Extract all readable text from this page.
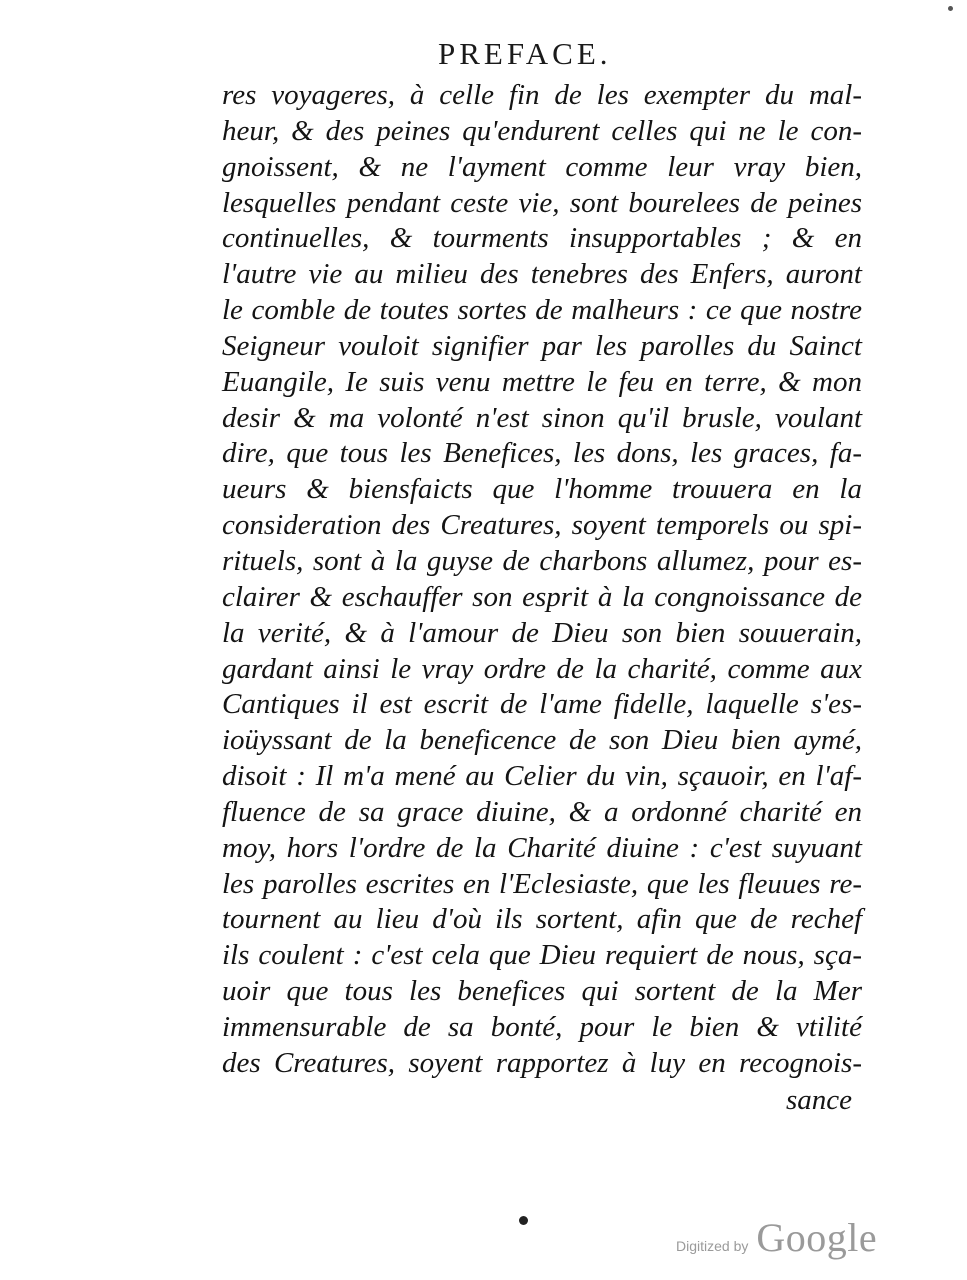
PREFACE.
res voyageres, à celle fin de les exempter du mal-
heur, & des peines qu'endurent celles qui ne le con-
gnoissent, & ne l'ayment comme leur vray bien,
lesquelles pendant ceste vie, sont bourelees de peines
continuelles, & tourments insupportables ; & en
l'autre vie au milieu des tenebres des Enfers, auront
le comble de toutes sortes de malheurs : ce que nostre
Seigneur vouloit signifier par les parolles du Sainct
Euangile, Ie suis venu mettre le feu en terre, & mon
desir & ma volonté n'est sinon qu'il brusle, voulant
dire, que tous les Benefices, les dons, les graces, fa-
ueurs & biensfaicts que l'homme trouuera en la
consideration des Creatures, soyent temporels ou spi-
rituels, sont à la guyse de charbons allumez, pour es-
clairer & eschauffer son esprit à la congnoissance de
la verité, & à l'amour de Dieu son bien souuerain,
gardant ainsi le vray ordre de la charité, comme aux
Cantiques il est escrit de l'ame fidelle, laquelle s'es-
ioüyssant de la beneficence de son Dieu bien aymé,
disoit : Il m'a mené au Celier du vin, sçauoir, en l'af-
fluence de sa grace diuine, & a ordonné charité en
moy, hors l'ordre de la Charité diuine : c'est suyuant
les parolles escrites en l'Eclesiaste, que les fleuues re-
tournent au lieu d'où ils sortent, afin que de rechef
ils coulent : c'est cela que Dieu requiert de nous, sça-
uoir que tous les benefices qui sortent de la Mer
immensurable de sa bonté, pour le bien & vtilité
des Creatures, soyent rapportez à luy en recognois-
sance
Digitized by Google
